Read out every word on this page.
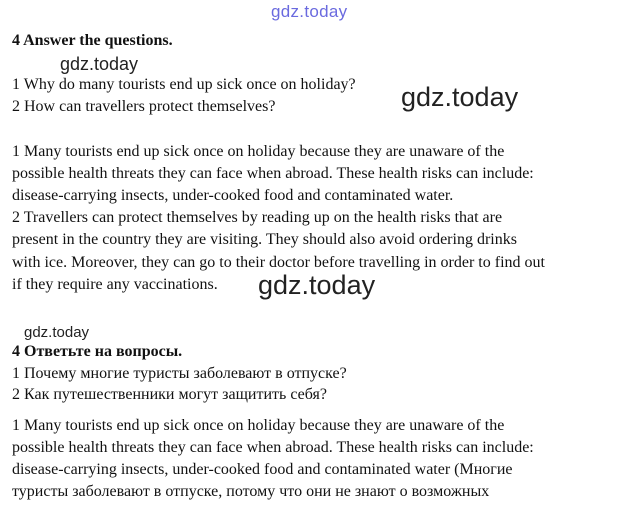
gdz.today
gdz.today
gdz.today
gdz.today
gdz.today
4 Answer the questions.
1 Why do many tourists end up sick once on holiday?
2 How can travellers protect themselves?
1 Many tourists end up sick once on holiday because they are unaware of the
possible health threats they can face when abroad. These health risks can include:
disease-carrying insects, under-cooked food and contaminated water.
2 Travellers can protect themselves by reading up on the health risks that are
present in the country they are visiting. They should also avoid ordering drinks
with ice. Moreover, they can go to their doctor before travelling in order to find out
if they require any vaccinations.
4 Ответьте на вопросы.
1 Почему многие туристы заболевают в отпуске?
2 Как путешественники могут защитить себя?
1 Many tourists end up sick once on holiday because they are unaware of the
possible health threats they can face when abroad. These health risks can include:
disease-carrying insects, under-cooked food and contaminated water (Многие
туристы заболевают в отпуске, потому что они не знают о возможных
